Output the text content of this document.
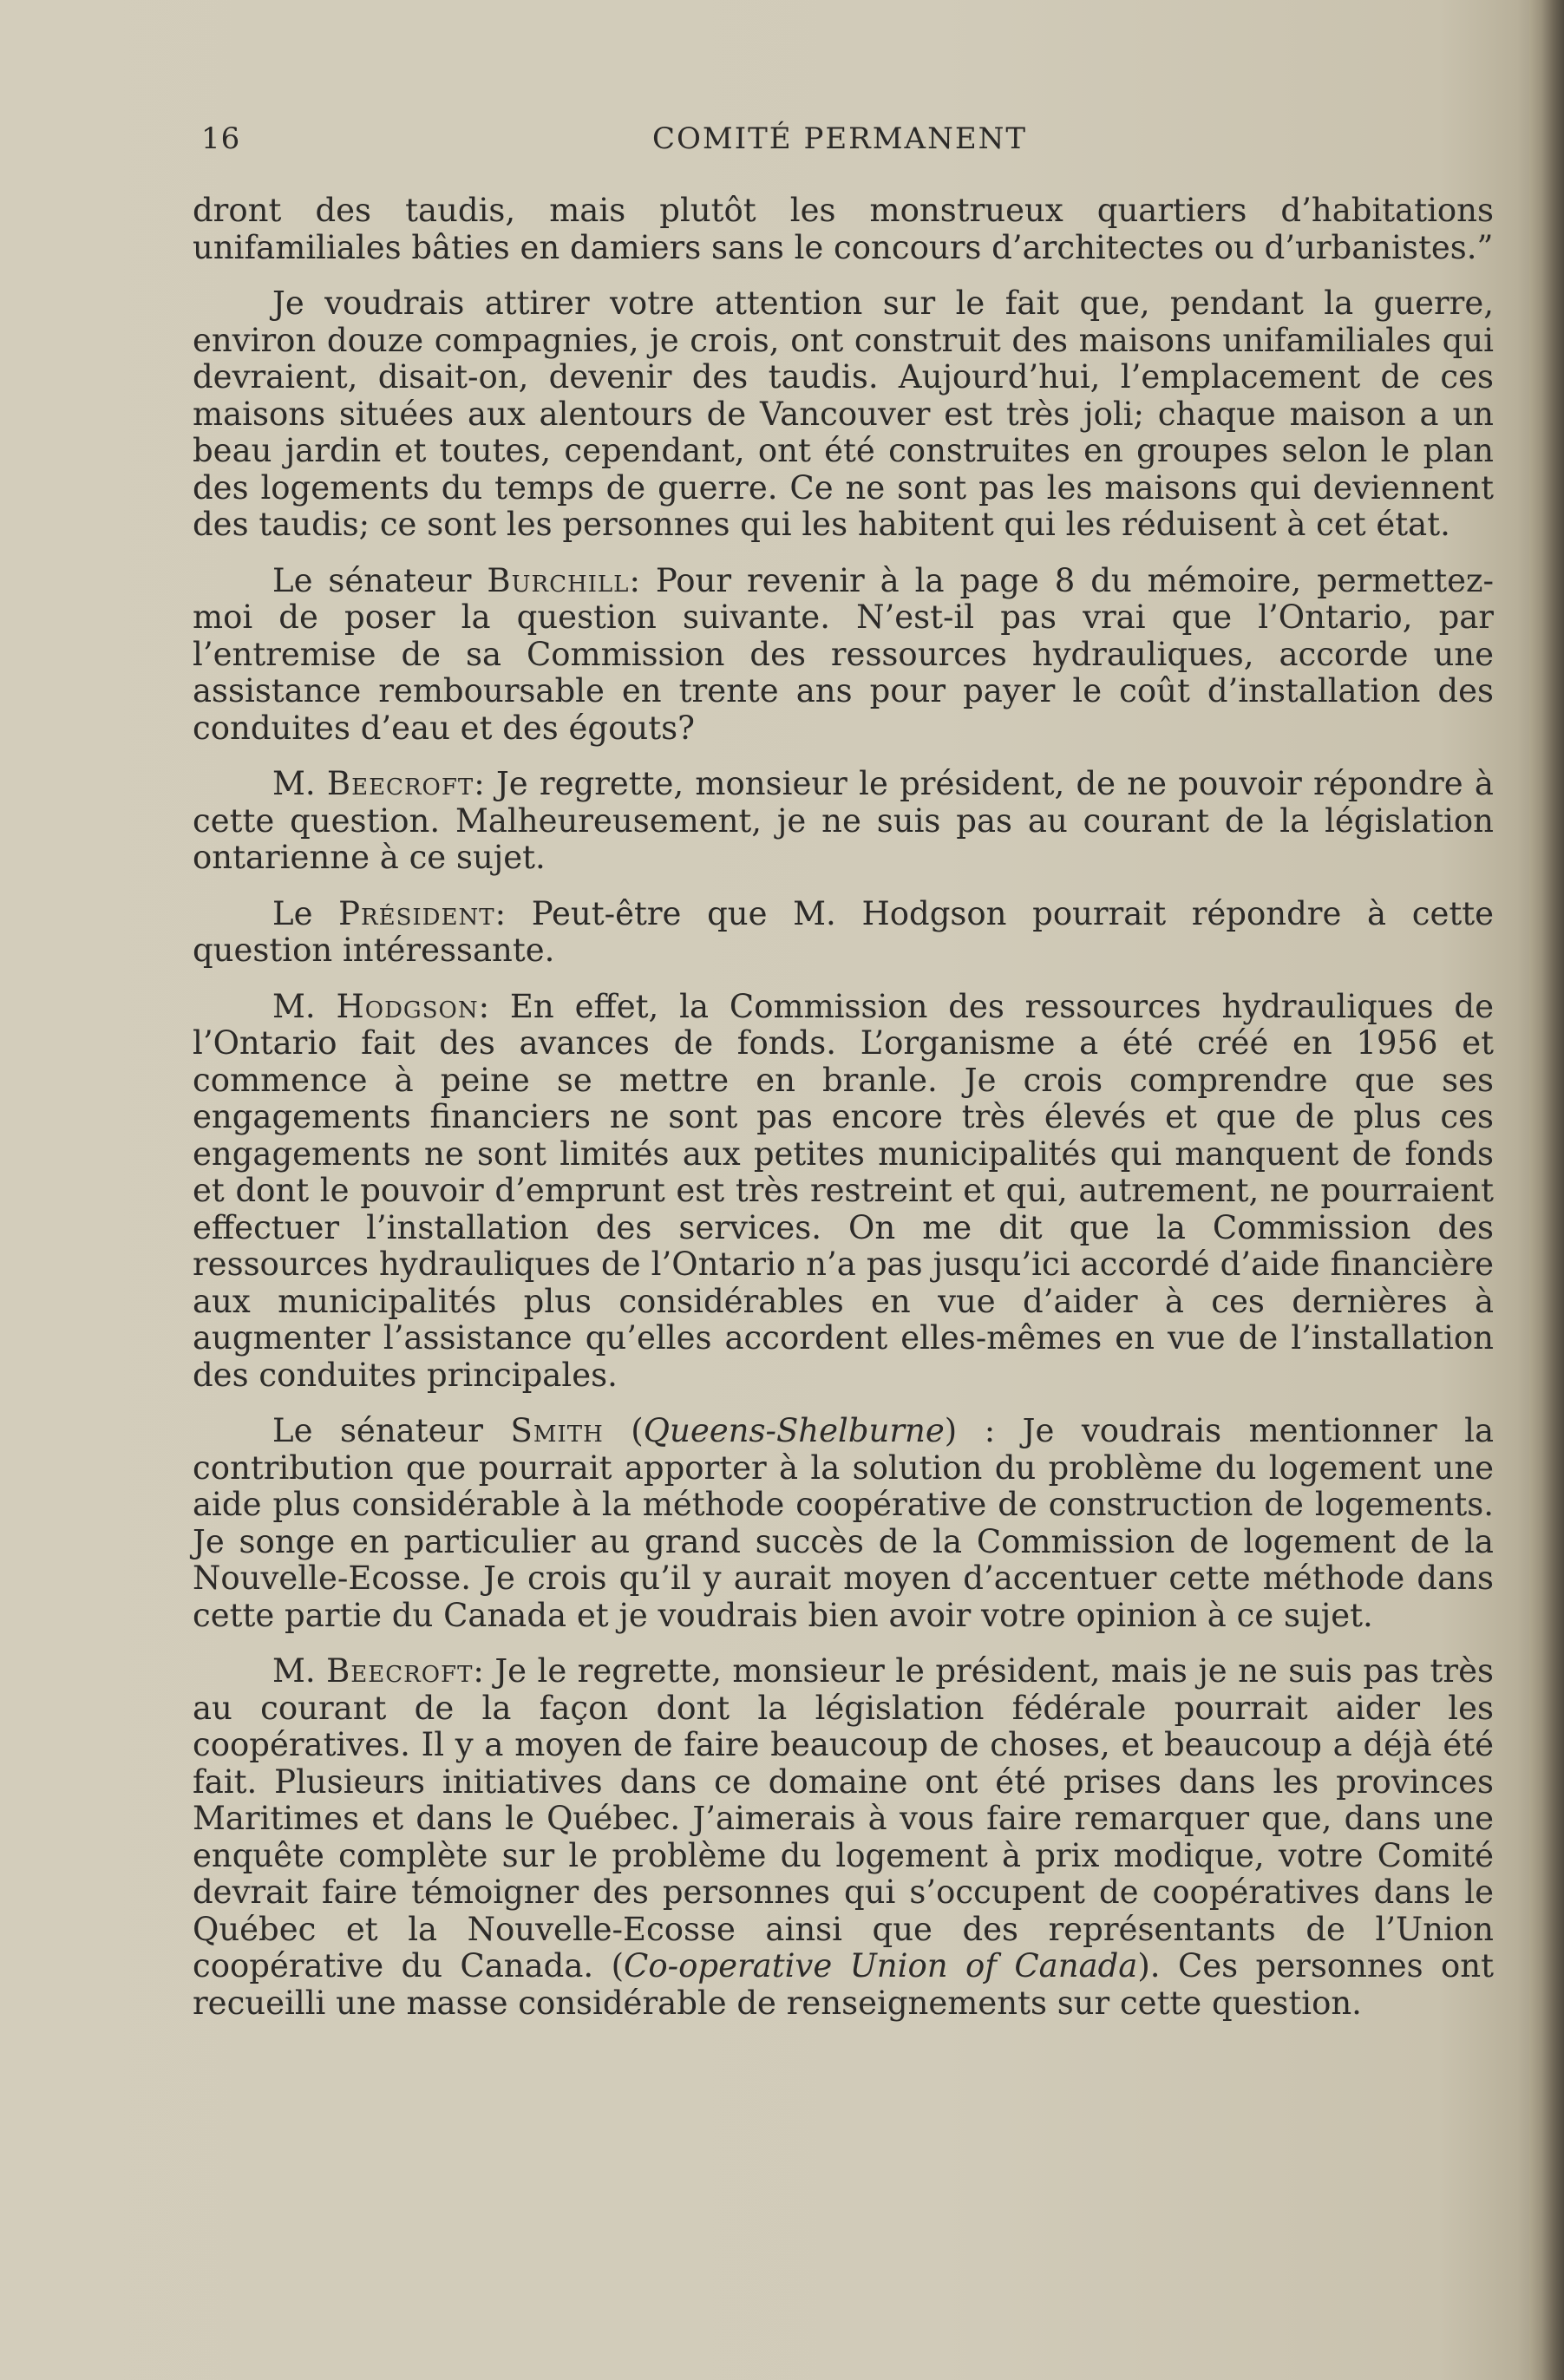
16	COMITÉ PERMANENT

dront des taudis, mais plutôt les monstrueux quartiers d’habitations unifamiliales bâties en damiers sans le concours d’architectes ou d’urbanistes.”

Je voudrais attirer votre attention sur le fait que, pendant la guerre, environ douze compagnies, je crois, ont construit des maisons unifamiliales qui devraient, disait-on, devenir des taudis. Aujourd’hui, l’emplacement de ces maisons situées aux alentours de Vancouver est très joli; chaque maison a un beau jardin et toutes, cependant, ont été construites en groupes selon le plan des logements du temps de guerre. Ce ne sont pas les maisons qui deviennent des taudis; ce sont les personnes qui les habitent qui les réduisent à cet état.

Le sénateur Burchill: Pour revenir à la page 8 du mémoire, permettez-moi de poser la question suivante. N’est-il pas vrai que l’Ontario, par l’entremise de sa Commission des ressources hydrauliques, accorde une assistance remboursable en trente ans pour payer le coût d’installation des conduites d’eau et des égouts?

M. Beecroft: Je regrette, monsieur le président, de ne pouvoir répondre à cette question. Malheureusement, je ne suis pas au courant de la législation ontarienne à ce sujet.

Le Président: Peut-être que M. Hodgson pourrait répondre à cette question intéressante.

M. Hodgson: En effet, la Commission des ressources hydrauliques de l’Ontario fait des avances de fonds. L’organisme a été créé en 1956 et commence à peine se mettre en branle. Je crois comprendre que ses engagements financiers ne sont pas encore très élevés et que de plus ces engagements ne sont limités aux petites municipalités qui manquent de fonds et dont le pouvoir d’emprunt est très restreint et qui, autrement, ne pourraient effectuer l’installation des services. On me dit que la Commission des ressources hydrauliques de l’Ontario n’a pas jusqu’ici accordé d’aide financière aux municipalités plus considérables en vue d’aider à ces dernières à augmenter l’assistance qu’elles accordent elles-mêmes en vue de l’installation des conduites principales.

Le sénateur Smith (Queens-Shelburne) : Je voudrais mentionner la contribution que pourrait apporter à la solution du problème du logement une aide plus considérable à la méthode coopérative de construction de logements. Je songe en particulier au grand succès de la Commission de logement de la Nouvelle-Ecosse. Je crois qu’il y aurait moyen d’accentuer cette méthode dans cette partie du Canada et je voudrais bien avoir votre opinion à ce sujet.

M. Beecroft: Je le regrette, monsieur le président, mais je ne suis pas très au courant de la façon dont la législation fédérale pourrait aider les coopératives. Il y a moyen de faire beaucoup de choses, et beaucoup a déjà été fait. Plusieurs initiatives dans ce domaine ont été prises dans les provinces Maritimes et dans le Québec. J’aimerais à vous faire remarquer que, dans une enquête complète sur le problème du logement à prix modique, votre Comité devrait faire témoigner des personnes qui s’occupent de coopératives dans le Québec et la Nouvelle-Ecosse ainsi que des représentants de l’Union coopérative du Canada. (Co-operative Union of Canada). Ces personnes ont recueilli une masse considérable de renseignements sur cette question.
